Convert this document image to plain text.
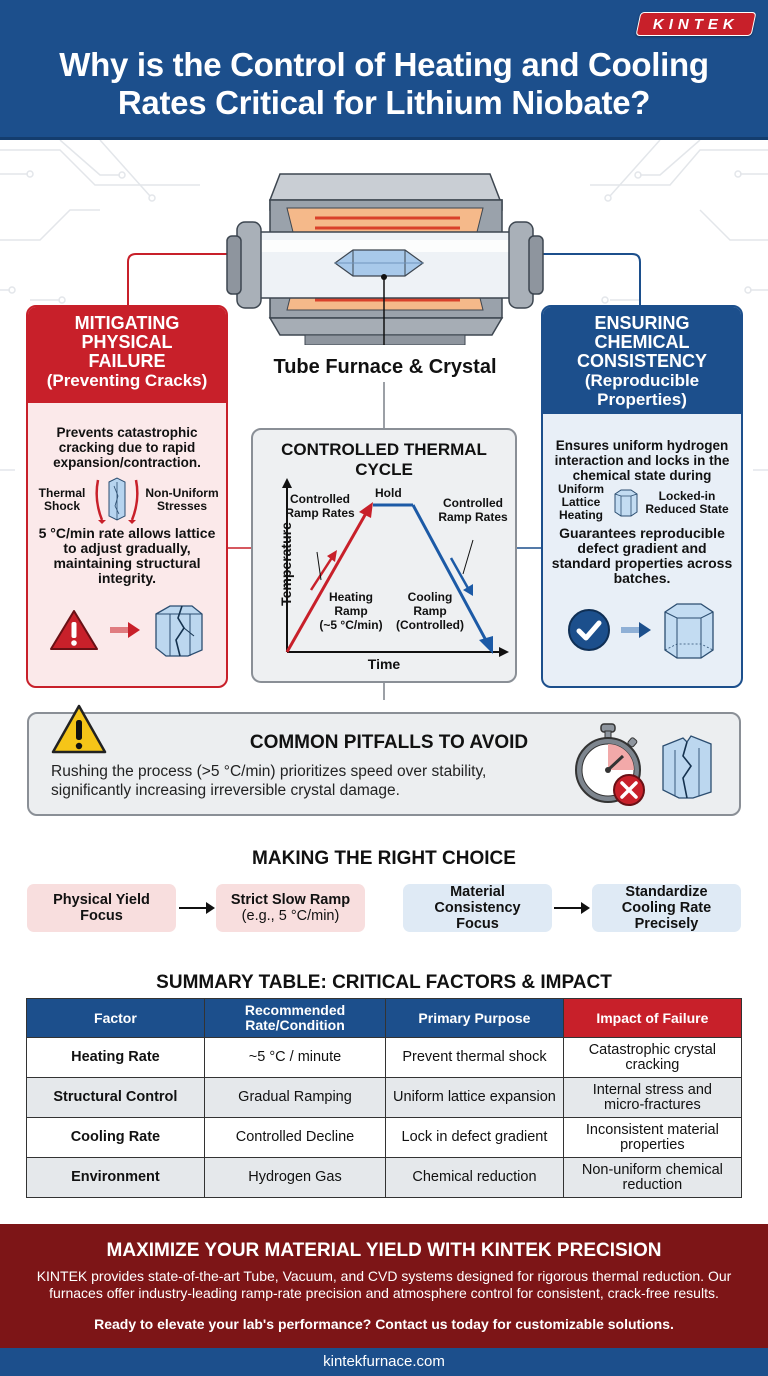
KINTEK
Why is the Control of Heating and Cooling
Rates Critical for Lithium Niobate?
Tube Furnace & Crystal
MITIGATING
PHYSICAL
FAILURE
(Preventing Cracks)

Prevents catastrophic cracking due to rapid expansion/contraction.

Thermal Shock
Non-Uniform Stresses

5 °C/min rate allows lattice to adjust gradually, maintaining structural integrity.

ENSURING
CHEMICAL
CONSISTENCY
(Reproducible Properties)

Ensures uniform hydrogen interaction and locks in the chemical state during

Uniform Lattice Heating
Locked-in Reduced State

Guarantees reproducible defect gradient and standard properties across batches.

CONTROLLED THERMAL CYCLE
Temperature
Time
Hold
Controlled Ramp Rates
Controlled Ramp Rates
Heating
Ramp
(~5 °C/min)
Cooling
Ramp
(Controlled)
COMMON PITFALLS TO AVOID
Rushing the process (>5 °C/min) prioritizes speed over stability,
significantly increasing irreversible crystal damage.
MAKING THE RIGHT CHOICE
Physical Yield Focus
Strict Slow Ramp
(e.g., 5 °C/min)
Material Consistency Focus
Standardize Cooling Rate Precisely
SUMMARY TABLE: CRITICAL FACTORS & IMPACT
Factor	Recommended Rate/Condition	Primary Purpose	Impact of Failure
Heating Rate	~5 °C / minute	Prevent thermal shock	Catastrophic crystal cracking
Structural Control	Gradual Ramping	Uniform lattice expansion	Internal stress and micro-fractures
Cooling Rate	Controlled Decline	Lock in defect gradient	Inconsistent material properties
Environment	Hydrogen Gas	Chemical reduction	Non-uniform chemical reduction
MAXIMIZE YOUR MATERIAL YIELD WITH KINTEK PRECISION
KINTEK provides state-of-the-art Tube, Vacuum, and CVD systems designed for rigorous thermal reduction. Our furnaces offer industry-leading ramp-rate precision and atmosphere control for consistent, crack-free results.
Ready to elevate your lab's performance? Contact us today for customizable solutions.
kintekfurnace.com
